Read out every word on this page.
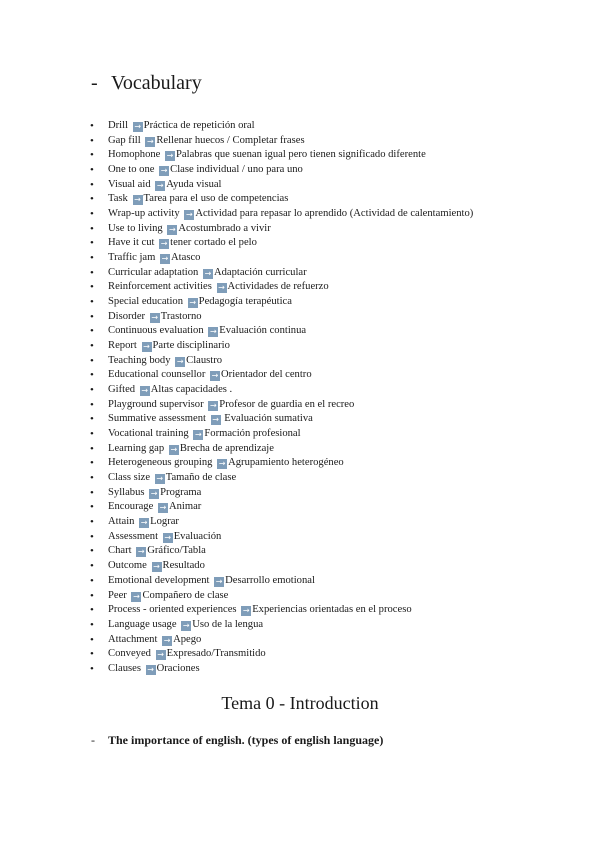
- Vocabulary
• Drill → Práctica de repetición oral
• Gap fill → Rellenar huecos / Completar frases
• Homophone → Palabras que suenan igual pero tienen significado diferente
• One to one → Clase individual / uno para uno
• Visual aid → Ayuda visual
• Task → Tarea para el uso de competencias
• Wrap-up activity → Actividad para repasar lo aprendido (Actividad de calentamiento)
• Use to living → Acostumbrado a vivir
• Have it cut → tener cortado el pelo
• Traffic jam → Atasco
• Curricular adaptation → Adaptación curricular
• Reinforcement activities → Actividades de refuerzo
• Special education → Pedagogía terapéutica
• Disorder → Trastorno
• Continuous evaluation → Evaluación continua
• Report → Parte disciplinario
• Teaching body → Claustro
• Educational counsellor → Orientador del centro
• Gifted → Altas capacidades .
• Playground supervisor → Profesor de guardia en el recreo
• Summative assessment → Evaluación sumativa
• Vocational training → Formación profesional
• Learning gap → Brecha de aprendizaje
• Heterogeneous grouping → Agrupamiento heterogéneo
• Class size → Tamaño de clase
• Syllabus → Programa
• Encourage → Animar
• Attain → Lograr
• Assessment → Evaluación
• Chart → Gráfico/Tabla
• Outcome → Resultado
• Emotional development → Desarrollo emotional
• Peer → Compañero de clase
• Process - oriented experiences → Experiencias orientadas en el proceso
• Language usage → Uso de la lengua
• Attachment → Apego
• Conveyed → Expresado/Transmitido
• Clauses → Oraciones
Tema 0 - Introduction
- The importance of english. (types of english language)
